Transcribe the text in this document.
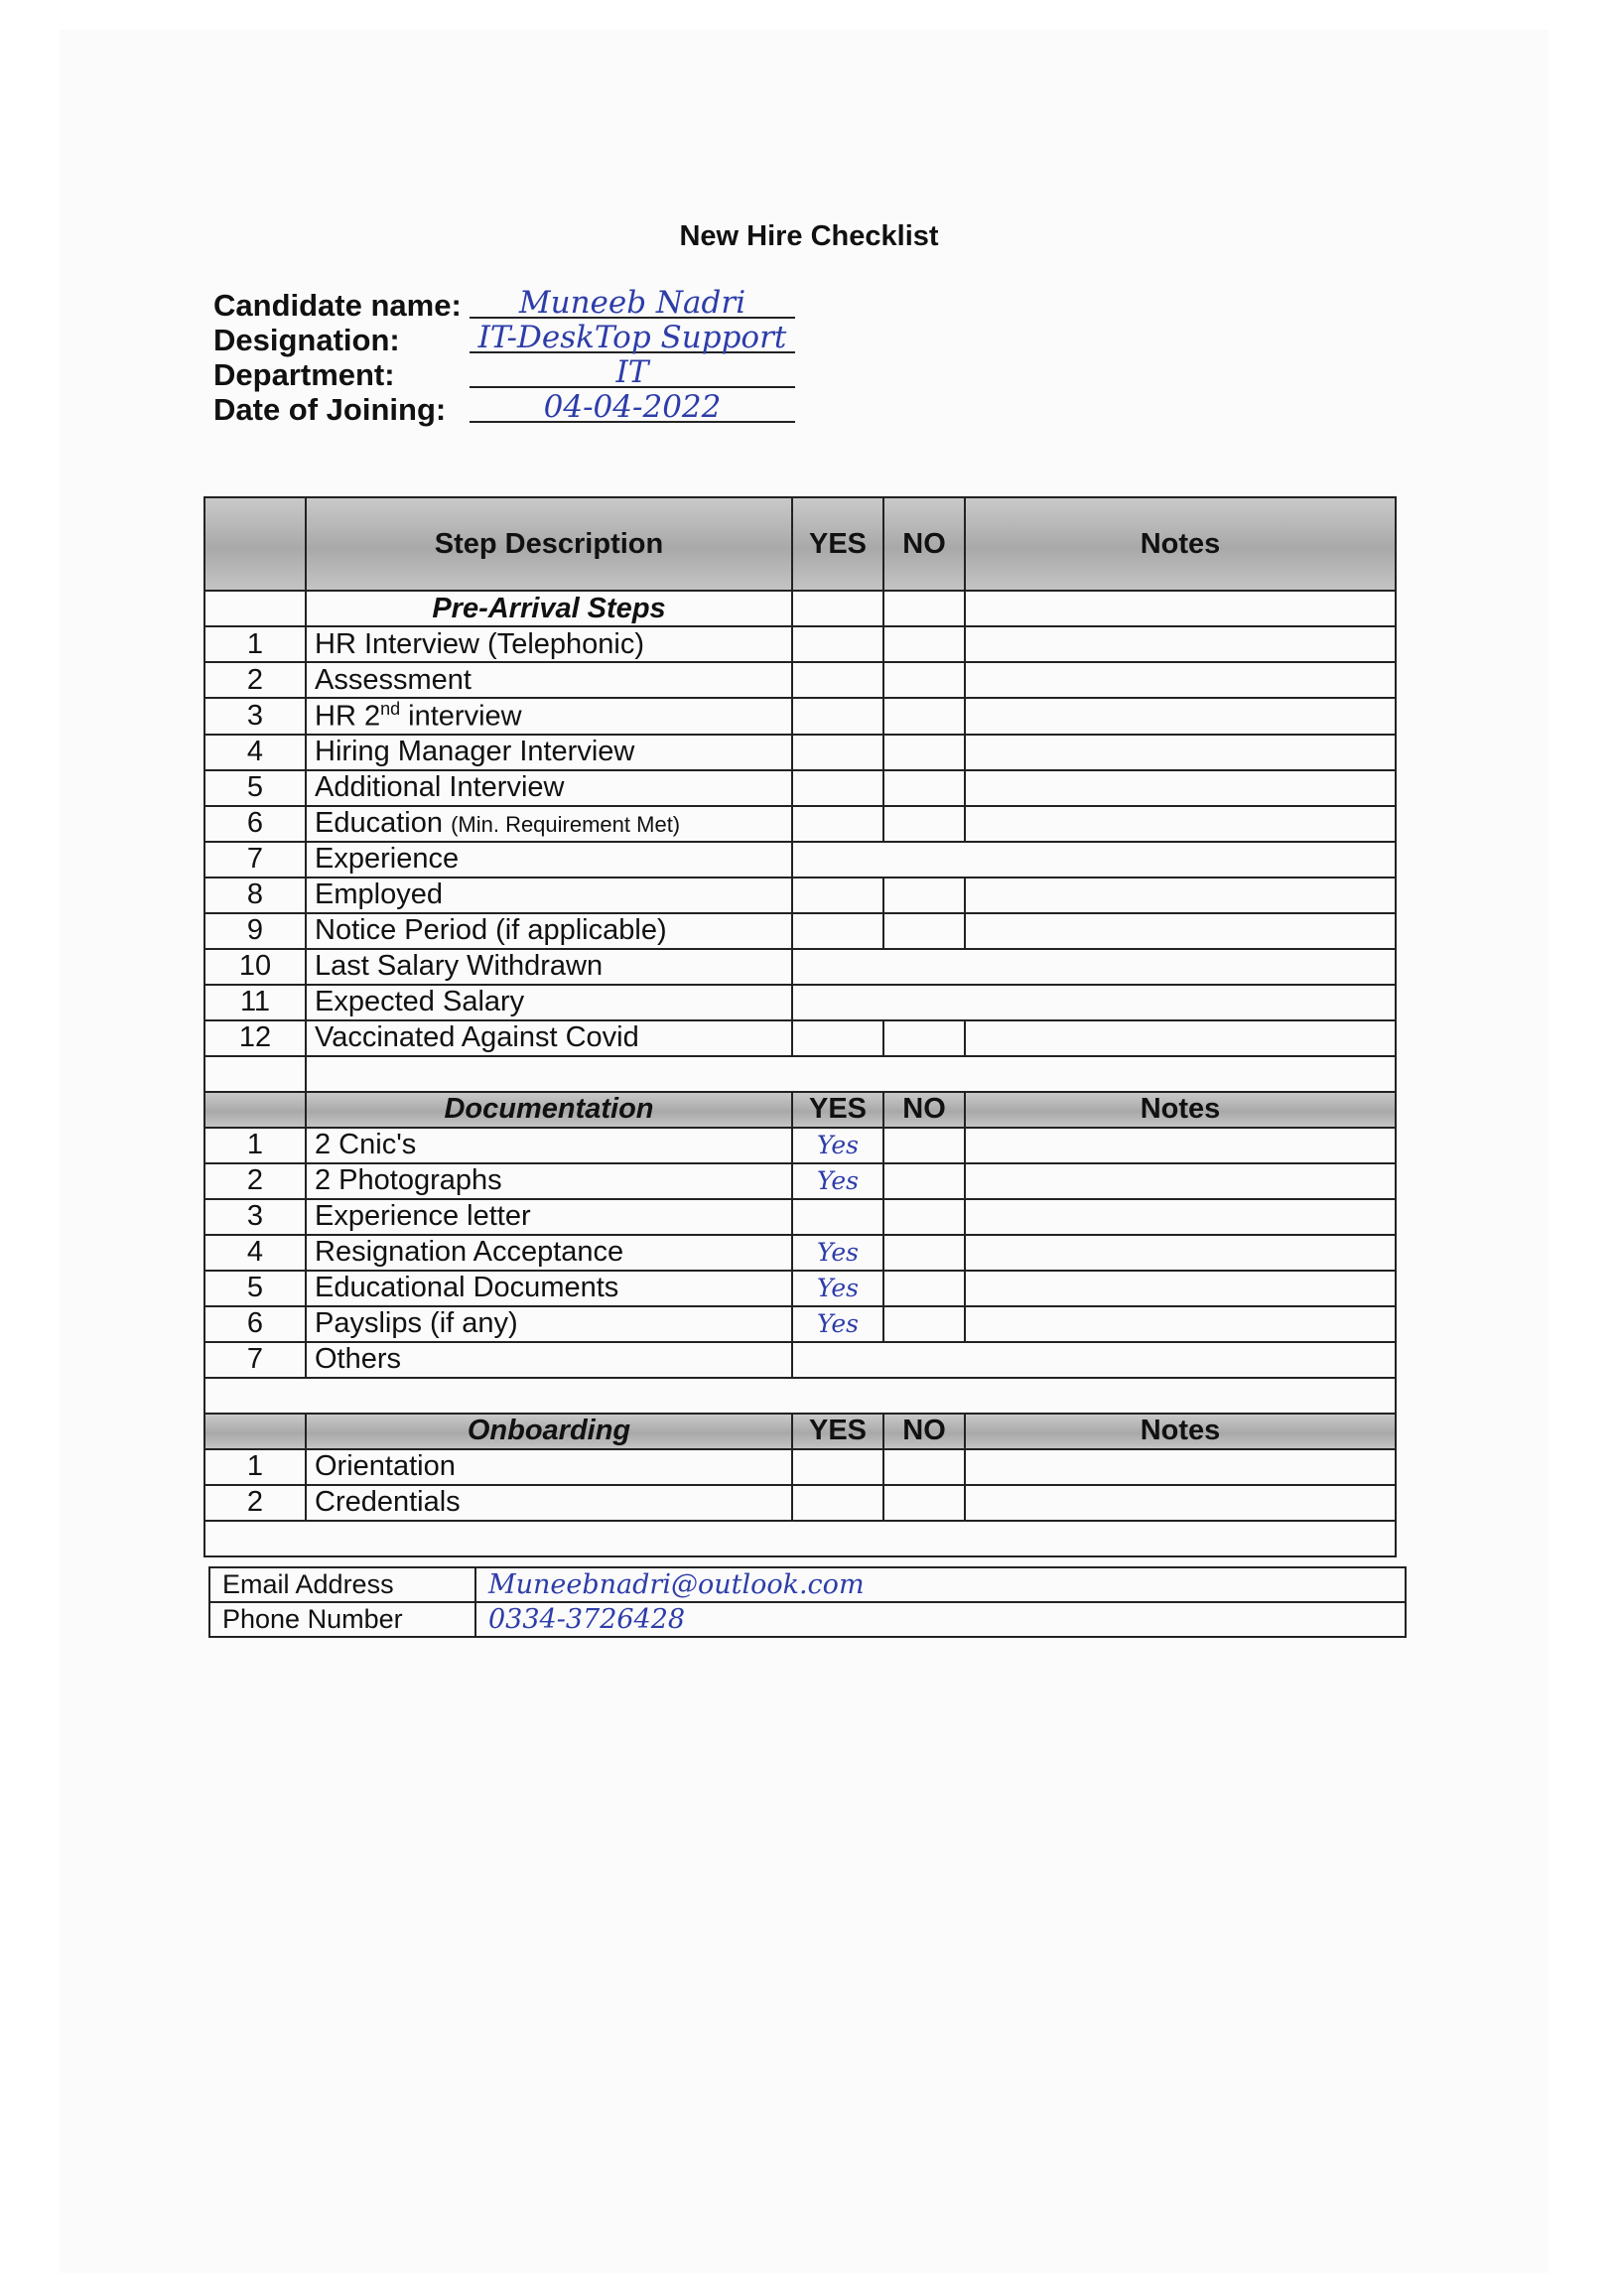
New Hire Checklist
Candidate name:	Muneeb Nadri
Designation:	IT-DeskTop Support
Department:	IT
Date of Joining:	04-04-2022
	Step Description	YES	NO	Notes
	Pre-Arrival Steps			
1	HR Interview (Telephonic)			
2	Assessment			
3	HR 2nd interview			
4	Hiring Manager Interview			
5	Additional Interview			
6	Education (Min. Requirement Met)			
7	Experience			
8	Employed			
9	Notice Period (if applicable)			
10	Last Salary Withdrawn			
11	Expected Salary			
12	Vaccinated Against Covid			

	Documentation	YES	NO	Notes
1	2 Cnic's	Yes		
2	2 Photographs	Yes		
3	Experience letter			
4	Resignation Acceptance	Yes		
5	Educational Documents	Yes		
6	Payslips (if any)	Yes		
7	Others			

	Onboarding	YES	NO	Notes
1	Orientation			
2	Credentials			

Email Address	Muneebnadri@outlook.com
Phone Number	0334-3726428
